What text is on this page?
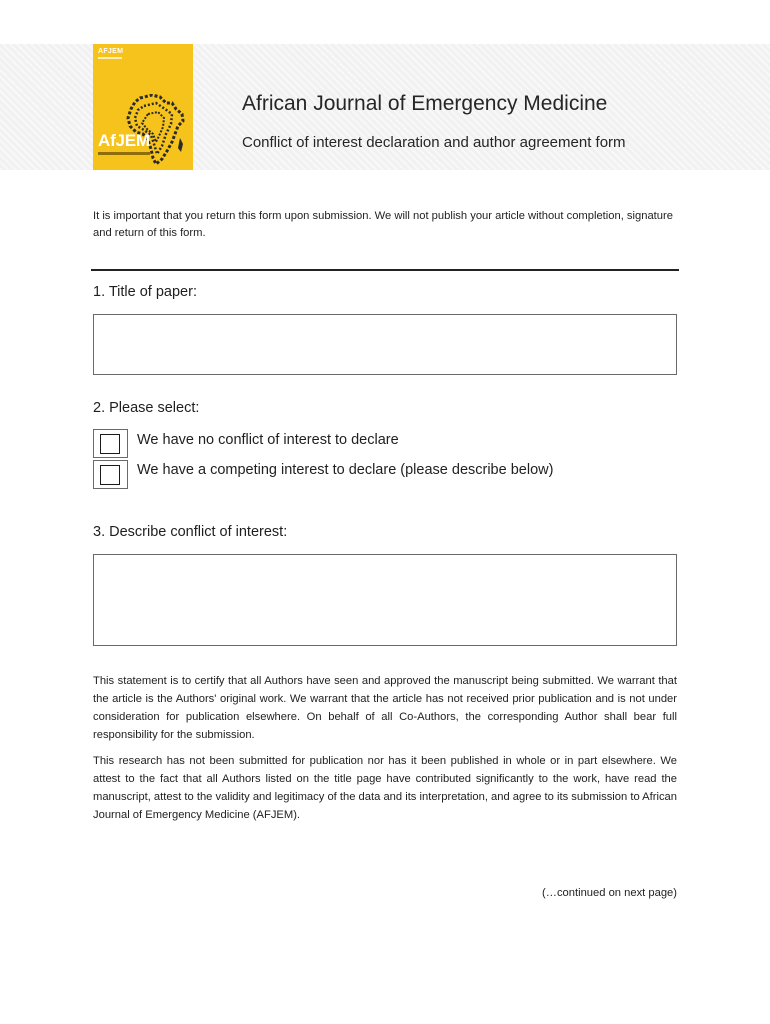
AFJEM
AfJEM
African Journal of Emergency Medicine
Conflict of interest declaration and author agreement form
It is important that you return this form upon submission. We will not publish your article without completion, signature and return of this form.
1. Title of paper:
2. Please select:
We have no conflict of interest to declare
We have a competing interest to declare (please describe below)
3. Describe conflict of interest:
This statement is to certify that all Authors have seen and approved the manuscript being submitted. We warrant that the article is the Authors' original work. We warrant that the article has not received prior publication and is not under consideration for publication elsewhere. On behalf of all Co-Authors, the corresponding Author shall bear full responsibility for the submission.
This research has not been submitted for publication nor has it been published in whole or in part elsewhere. We attest to the fact that all Authors listed on the title page have contributed significantly to the work, have read the manuscript, attest to the validity and legitimacy of the data and its interpretation, and agree to its submission to African Journal of Emergency Medicine (AFJEM).
(…continued on next page)
